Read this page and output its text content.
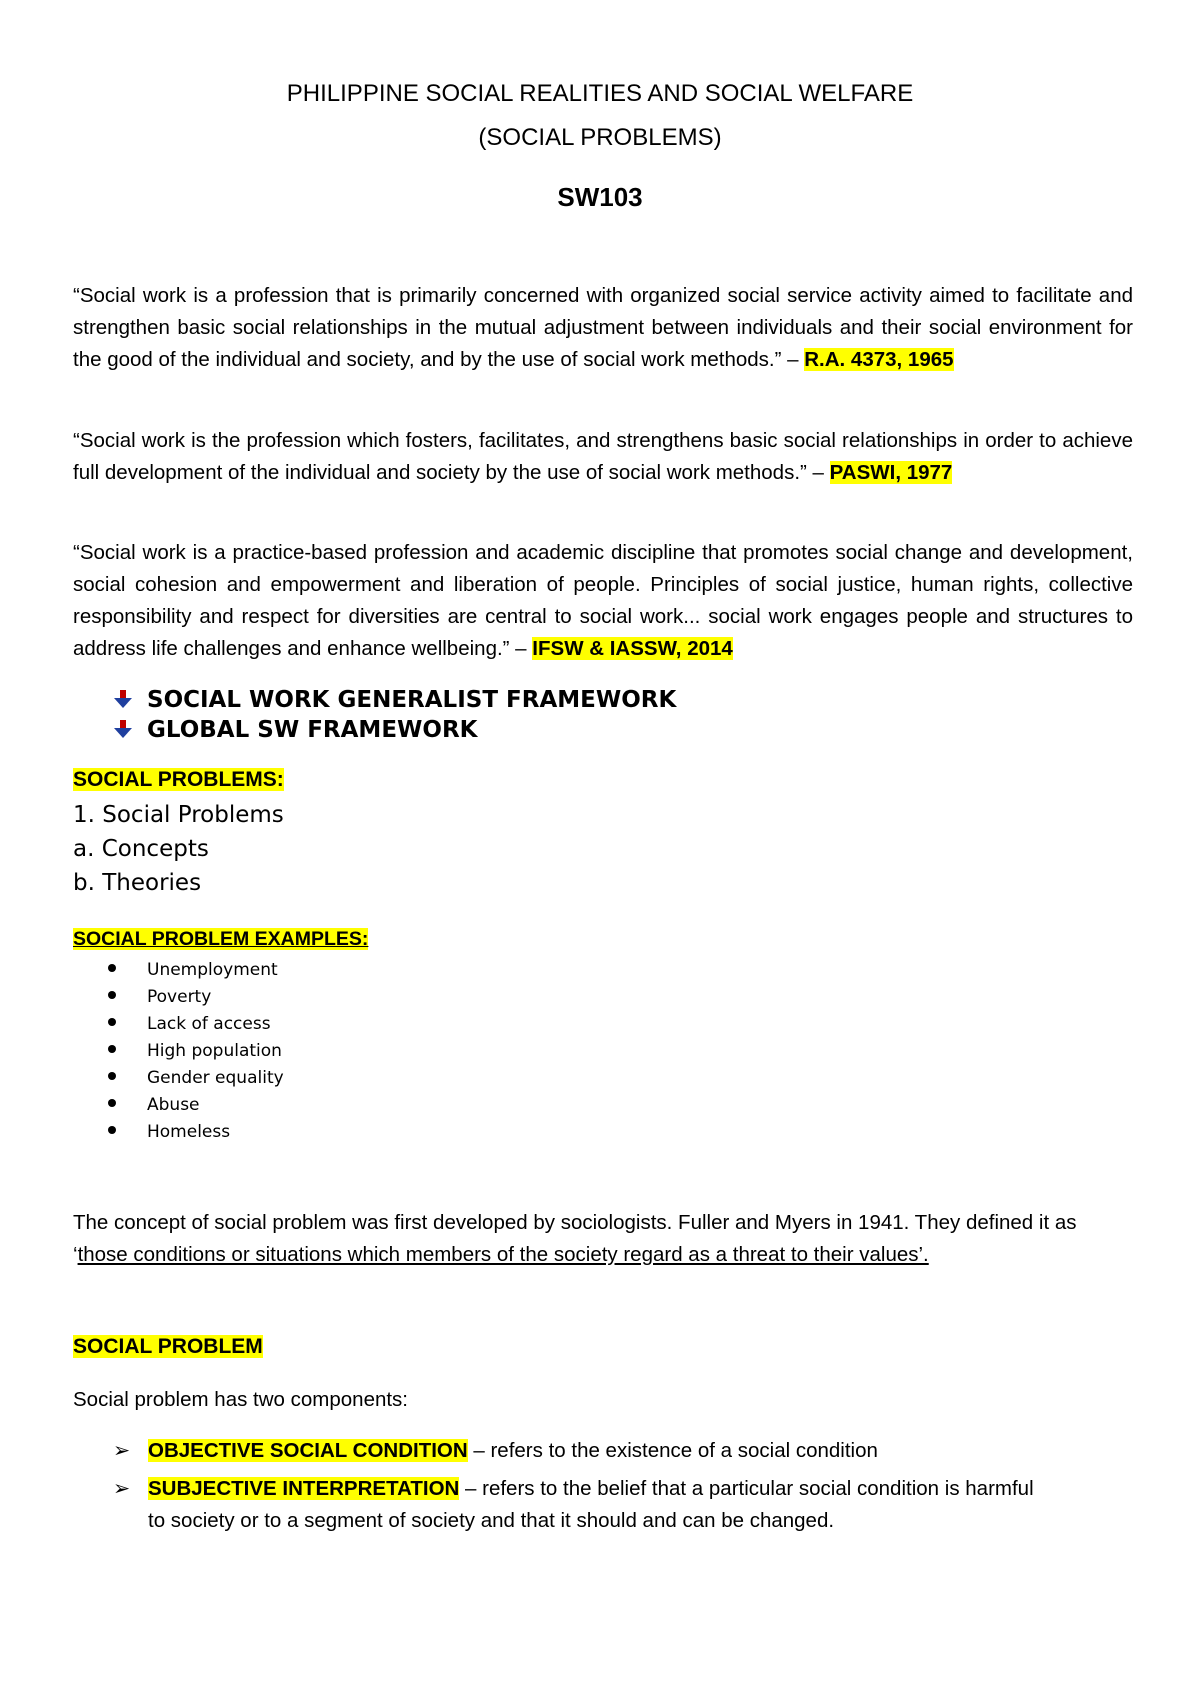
PHILIPPINE SOCIAL REALITIES AND SOCIAL WELFARE
(SOCIAL PROBLEMS)
SW103
“Social work is a profession that is primarily concerned with organized social service activity aimed to facilitate and strengthen basic social relationships in the mutual adjustment between individuals and their social environment for the good of the individual and society, and by the use of social work methods.” – R.A. 4373, 1965
“Social work is the profession which fosters, facilitates, and strengthens basic social relationships in order to achieve full development of the individual and society by the use of social work methods.” – PASWI, 1977
“Social work is a practice-based profession and academic discipline that promotes social change and development, social cohesion and empowerment and liberation of people. Principles of social justice, human rights, collective responsibility and respect for diversities are central to social work... social work engages people and structures to address life challenges and enhance wellbeing.” – IFSW & IASSW, 2014
SOCIAL WORK GENERALIST FRAMEWORK
GLOBAL SW FRAMEWORK
SOCIAL PROBLEMS:
1. Social Problems
a. Concepts
b. Theories
SOCIAL PROBLEM EXAMPLES:
Unemployment
Poverty
Lack of access
High population
Gender equality
Abuse
Homeless
The concept of social problem was first developed by sociologists. Fuller and Myers in 1941. They defined it as ‘those conditions or situations which members of the society regard as a threat to their values’.
SOCIAL PROBLEM
Social problem has two components:
➢ OBJECTIVE SOCIAL CONDITION – refers to the existence of a social condition
➢ SUBJECTIVE INTERPRETATION – refers to the belief that a particular social condition is harmful
to society or to a segment of society and that it should and can be changed.
